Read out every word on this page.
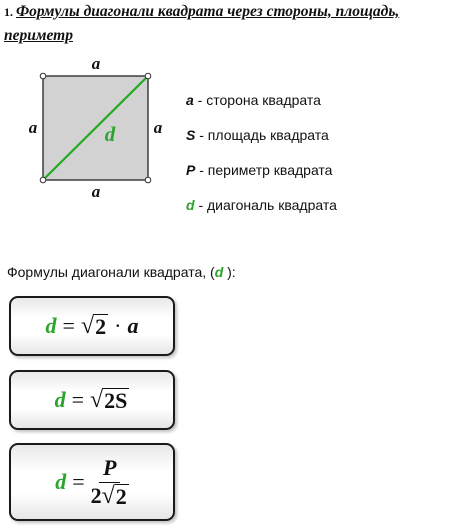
1. Формулы диагонали квадрата через стороны, площадь, периметр
a
a	a
a
d
a - сторона квадрата
S - площадь квадрата
P - периметр квадрата
d - диагональ квадрата
Формулы диагонали квадрата, (d ):
d = √ 2 · a
d = √ 2S
$d = \frac{P}{2 √ 2}$
